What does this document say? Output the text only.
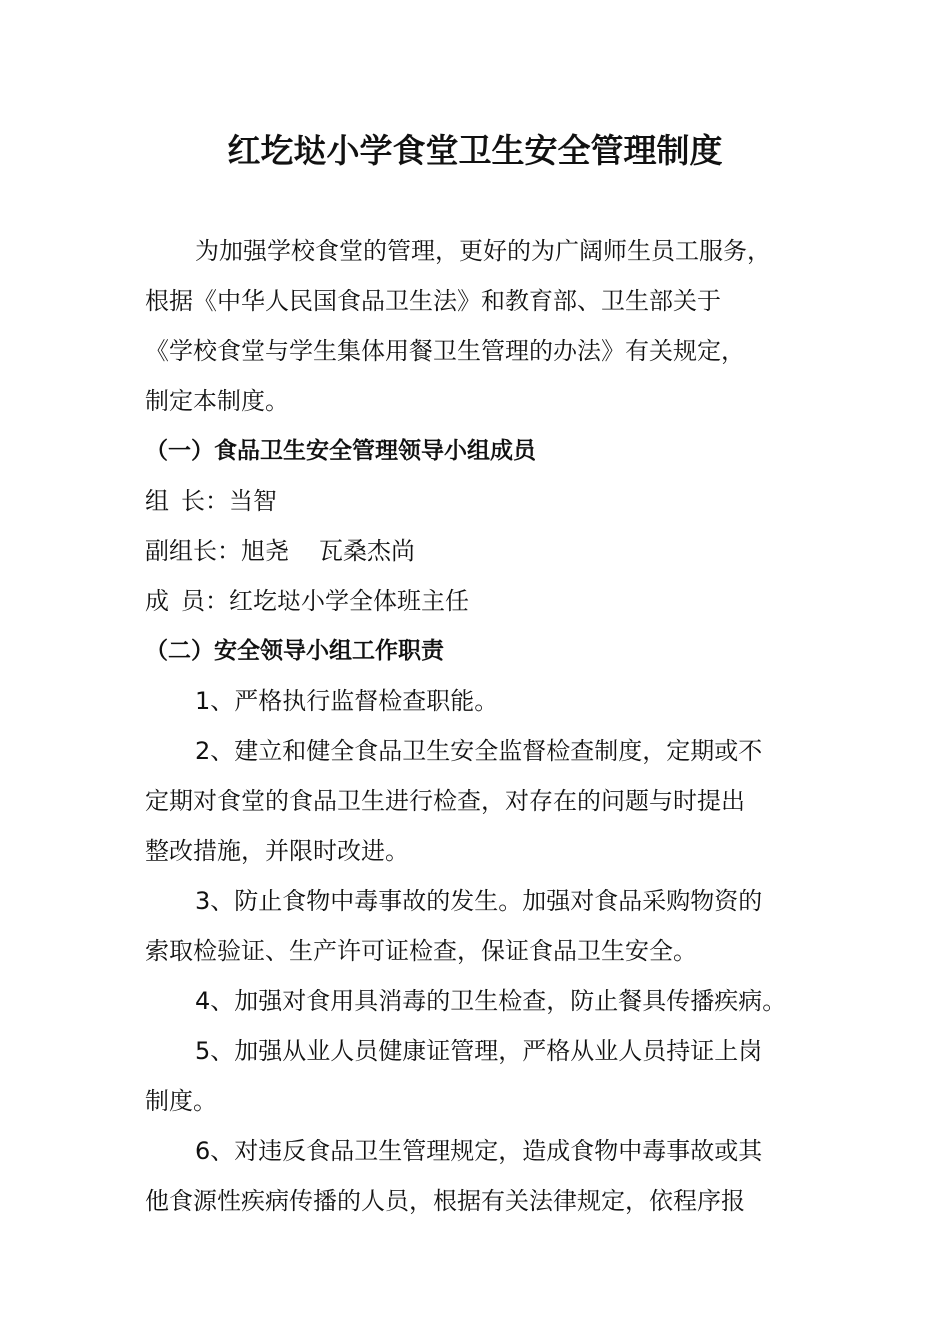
红圪垯小学食堂卫生安全管理制度
为加强学校食堂的管理，更好的为广阔师生员工服务，
根据《中华人民国食品卫生法》和教育部、卫生部关于
《学校食堂与学生集体用餐卫生管理的办法》有关规定，
制定本制度。
（一）食品卫生安全管理领导小组成员
组 长：当智
副组长：旭尧 瓦桑杰尚
成 员：红圪垯小学全体班主任
（二）安全领导小组工作职责
1、严格执行监督检查职能。
2、建立和健全食品卫生安全监督检查制度，定期或不
定期对食堂的食品卫生进行检查，对存在的问题与时提出
整改措施，并限时改进。
3、防止食物中毒事故的发生。加强对食品采购物资的
索取检验证、生产许可证检查，保证食品卫生安全。
4、加强对食用具消毒的卫生检查，防止餐具传播疾病。
5、加强从业人员健康证管理，严格从业人员持证上岗
制度。
6、对违反食品卫生管理规定，造成食物中毒事故或其
他食源性疾病传播的人员，根据有关法律规定，依程序报
